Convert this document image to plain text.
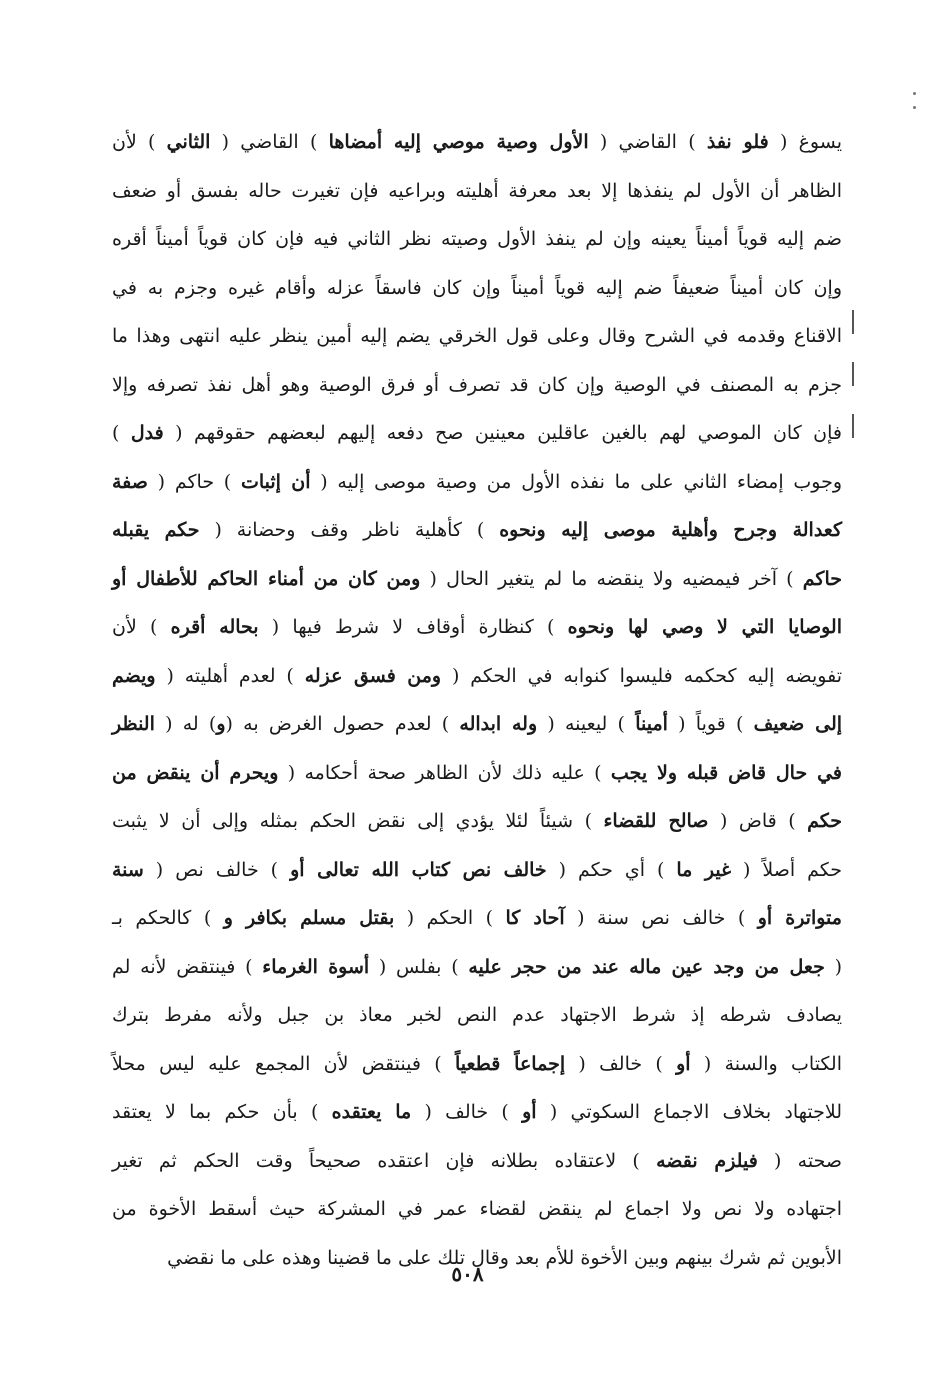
يسوغ ( فلو نفذ ) القاضي ( الأول وصية موصي إليه أمضاها ) القاضي ( الثاني ) لأن
الظاهر أن الأول لم ينفذها إلا بعد معرفة أهليته وبراعيه فإن تغيرت حاله بفسق أو ضعف
ضم إليه قوياً أميناً يعينه وإن لم ينفذ الأول وصيته نظر الثاني فيه فإن كان قوياً أميناً أقره
وإن كان أميناً ضعيفاً ضم إليه قوياً أميناً وإن كان فاسقاً عزله وأقام غيره وجزم به في
الاقناع وقدمه في الشرح وقال وعلى قول الخرقي يضم إليه أمين ينظر عليه انتهى وهذا ما
جزم به المصنف في الوصية وإن كان قد تصرف أو فرق الوصية وهو أهل نفذ تصرفه وإلا
فإن كان الموصي لهم بالغين عاقلين معينين صح دفعه إليهم لبعضهم حقوقهم ( فدل )
وجوب إمضاء الثاني على ما نفذه الأول من وصية موصى إليه ( أن إثبات ) حاكم ( صفة
كعدالة وجرح وأهلية موصى إليه ونحوه ) كأهلية ناظر وقف وحضانة ( حكم يقبله
حاكم ) آخر فيمضيه ولا ينقضه ما لم يتغير الحال ( ومن كان من أمناء الحاكم للأطفال أو
الوصايا التي لا وصي لها ونحوه ) كنظارة أوقاف لا شرط فيها ( بحاله أقره ) لأن
تفويضه إليه كحكمه فليسوا كنوابه في الحكم ( ومن فسق عزله ) لعدم أهليته ( ويضم
إلى ضعيف ) قوياً ( أميناً ) ليعينه ( وله ابداله ) لعدم حصول الغرض به (و) له ( النظر
في حال قاض قبله ولا يجب ) عليه ذلك لأن الظاهر صحة أحكامه ( ويحرم أن ينقض من
حكم ) قاض ( صالح للقضاء ) شيئاً لئلا يؤدي إلى نقض الحكم بمثله وإلى أن لا يثبت
حكم أصلاً ( غير ما ) أي حكم ( خالف نص كتاب الله تعالى أو ) خالف نص ( سنة
متواترة أو ) خالف نص سنة ( آحاد كا ) الحكم ( بقتل مسلم بكافر و ) كالحكم بـ
( جعل من وجد عين ماله عند من حجر عليه ) بفلس ( أسوة الغرماء ) فينتقض لأنه لم
يصادف شرطه إذ شرط الاجتهاد عدم النص لخبر معاذ بن جبل ولأنه مفرط بترك
الكتاب والسنة ( أو ) خالف ( إجماعاً قطعياً ) فينتقض لأن المجمع عليه ليس محلاً
للاجتهاد بخلاف الاجماع السكوتي ( أو ) خالف ( ما يعتقده ) بأن حكم بما لا يعتقد
صحته ( فيلزم نقضه ) لاعتقاده بطلانه فإن اعتقده صحيحاً وقت الحكم ثم تغير
اجتهاده ولا نص ولا اجماع لم ينقض لقضاء عمر في المشركة حيث أسقط الأخوة من
الأبوين ثم شرك بينهم وبين الأخوة للأم بعد وقال تلك على ما قضينا وهذه على ما نقضي
٥٠٨
